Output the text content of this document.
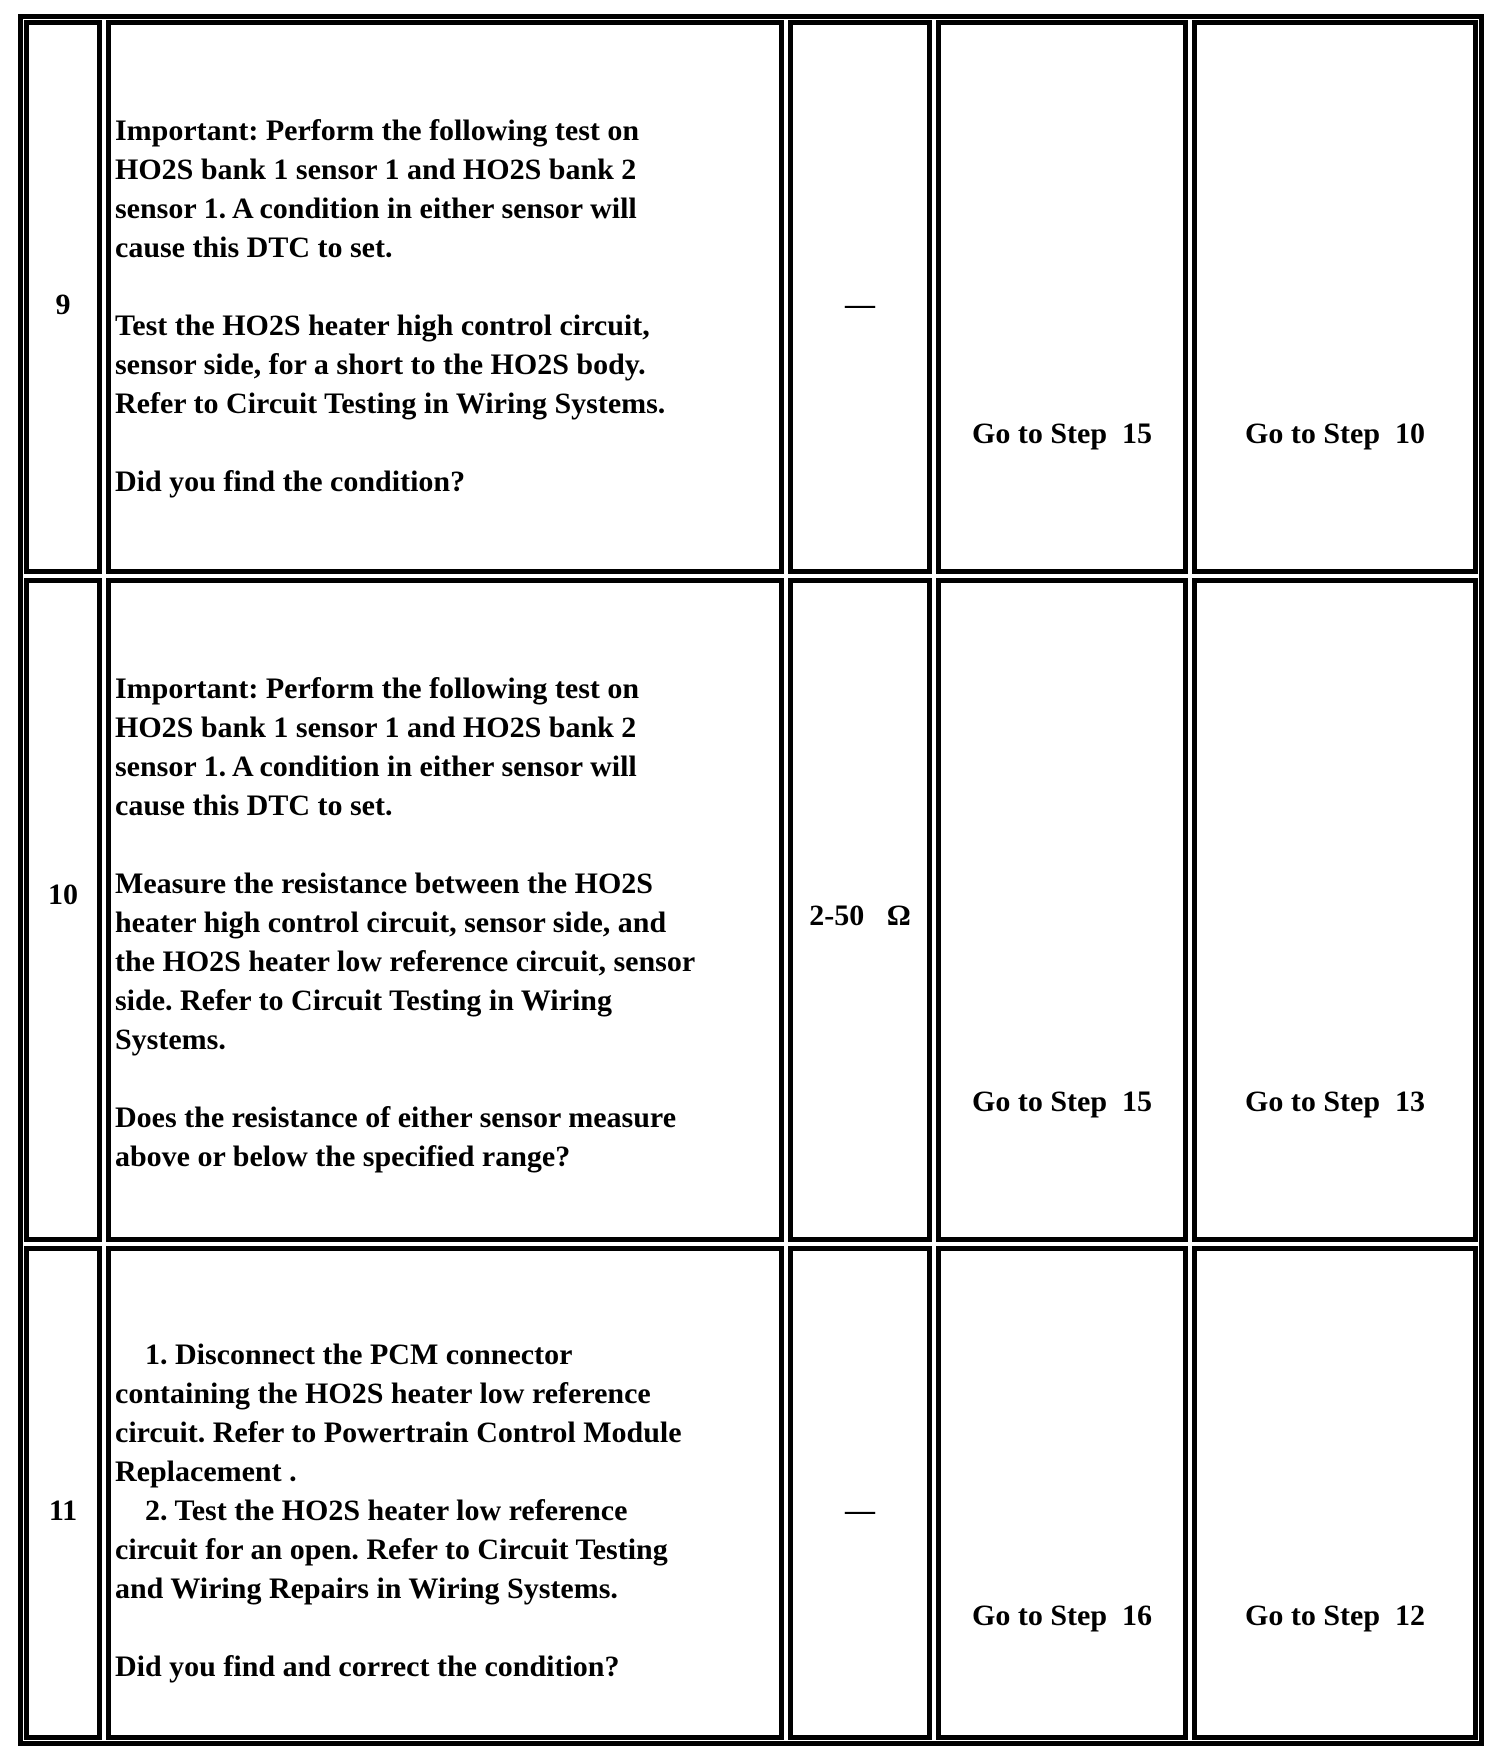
9
Important: Perform the following test on
HO2S bank 1 sensor 1 and HO2S bank 2
sensor 1. A condition in either sensor will
cause this DTC to set.

Test the HO2S heater high control circuit,
sensor side, for a short to the HO2S body.
Refer to Circuit Testing in Wiring Systems.

Did you find the condition?
—
Go to Step  15	Go to Step  10
10
Important: Perform the following test on
HO2S bank 1 sensor 1 and HO2S bank 2
sensor 1. A condition in either sensor will
cause this DTC to set.

Measure the resistance between the HO2S
heater high control circuit, sensor side, and
the HO2S heater low reference circuit, sensor
side. Refer to Circuit Testing in Wiring
Systems.

Does the resistance of either sensor measure
above or below the specified range?
2-50   Ω
Go to Step  15	Go to Step  13
11
1. Disconnect the PCM connector
containing the HO2S heater low reference
circuit. Refer to Powertrain Control Module
Replacement .
2. Test the HO2S heater low reference
circuit for an open. Refer to Circuit Testing
and Wiring Repairs in Wiring Systems.

Did you find and correct the condition?
—
Go to Step  16	Go to Step  12
